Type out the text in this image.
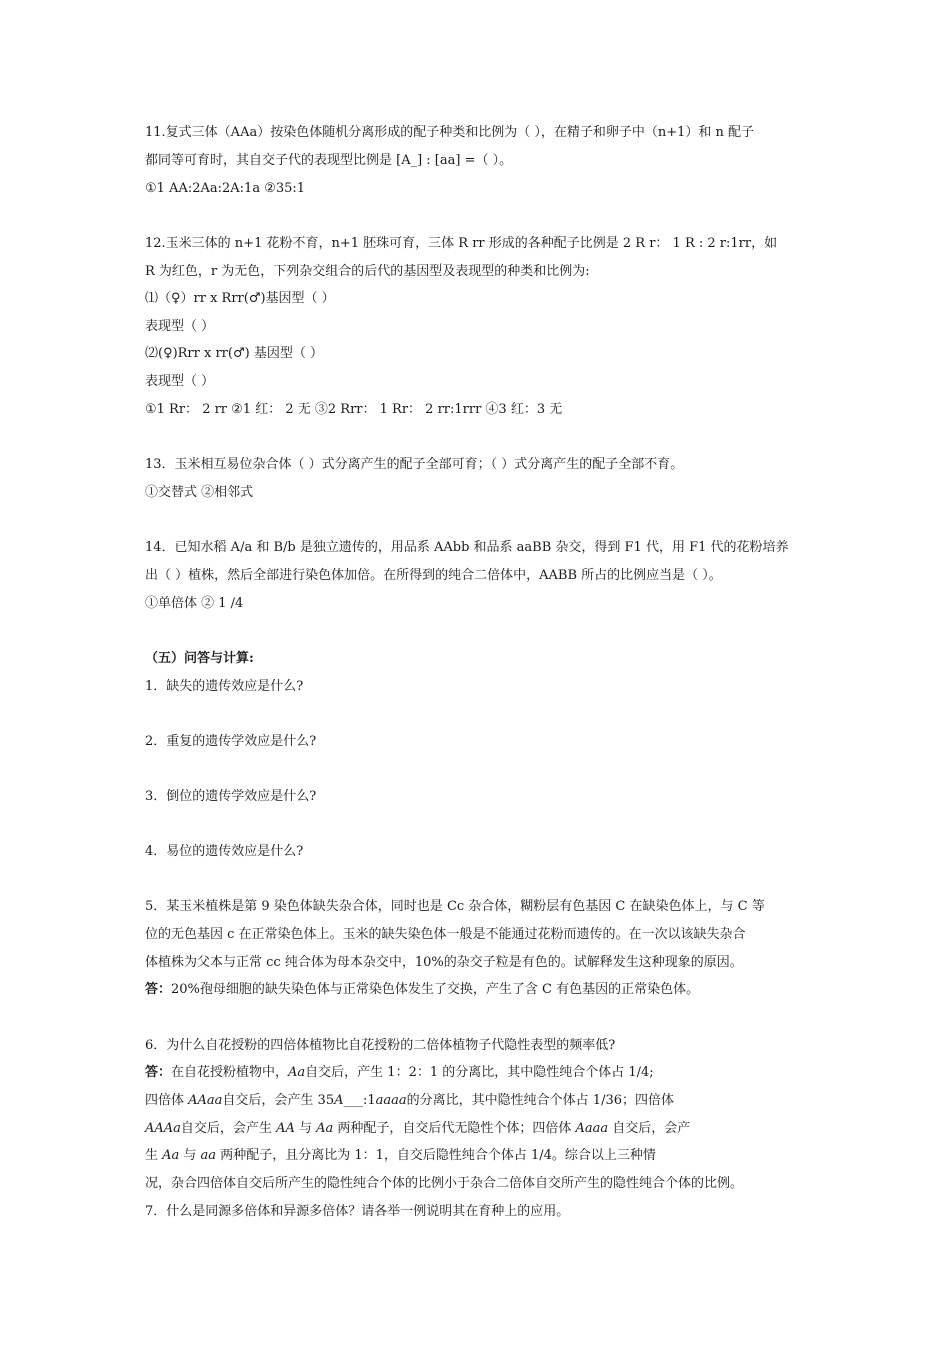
11.复式三体（AAa）按染色体随机分离形成的配子种类和比例为（ ），在精子和卵子中（n+1）和 n 配子
都同等可育时，其自交子代的表现型比例是 [A_] : [aa] =（ ）。
①1 AA:2Aa:2A:1a ②35:1
12.玉米三体的 n+1 花粉不育，n+1 胚珠可育，三体 R rr 形成的各种配子比例是 2 R r： 1 R : 2 r:1rr，如
R 为红色，r 为无色，下列杂交组合的后代的基因型及表现型的种类和比例为:
⑴（♀）rr x Rrr(♂)基因型（ ）
表现型（ ）
⑵(♀)Rrr x rr(♂) 基因型（ ）
表现型（ ）
①1 Rr： 2 rr ②1 红： 2 无 ③2 Rrr： 1 Rr： 2 rr:1rrr ④3 红：3 无
13．玉米相互易位杂合体（ ）式分离产生的配子全部可育；（ ）式分离产生的配子全部不育。
①交替式 ②相邻式
14．已知水稻 A/a 和 B/b 是独立遗传的，用品系 AAbb 和品系 aaBB 杂交，得到 F1 代，用 F1 代的花粉培养
出（ ）植株，然后全部进行染色体加倍。在所得到的纯合二倍体中，AABB 所占的比例应当是（ ）。
①单倍体 ② 1 /4
（五）问答与计算:
1．缺失的遗传效应是什么?
2．重复的遗传学效应是什么?
3．倒位的遗传学效应是什么?
4．易位的遗传效应是什么?
5．某玉米植株是第 9 染色体缺失杂合体，同时也是 Cc 杂合体，糊粉层有色基因 C 在缺染色体上，与 C 等
位的无色基因 c 在正常染色体上。玉米的缺失染色体一般是不能通过花粉而遗传的。在一次以该缺失杂合
体植株为父本与正常 cc 纯合体为母本杂交中，10%的杂交子粒是有色的。试解释发生这种现象的原因。
答：20%孢母细胞的缺失染色体与正常染色体发生了交换，产生了含 C 有色基因的正常染色体。
6．为什么自花授粉的四倍体植物比自花授粉的二倍体植物子代隐性表型的频率低?
答：在自花授粉植物中，Aa自交后，产生 1：2：1 的分离比，其中隐性纯合个体占 1/4;
四倍体 AAaa自交后，会产生 35A___:1aaaa的分离比，其中隐性纯合个体占 1/36；四倍体
AAAa自交后，会产生 AA 与 Aa 两种配子，自交后代无隐性个体；四倍体 Aaaa 自交后，会产
生 Aa 与 aa 两种配子，且分离比为 1：1，自交后隐性纯合个体占 1/4。综合以上三种情
况，杂合四倍体自交后所产生的隐性纯合个体的比例小于杂合二倍体自交所产生的隐性纯合个体的比例。
7．什么是同源多倍体和异源多倍体？请各举一例说明其在育种上的应用。
